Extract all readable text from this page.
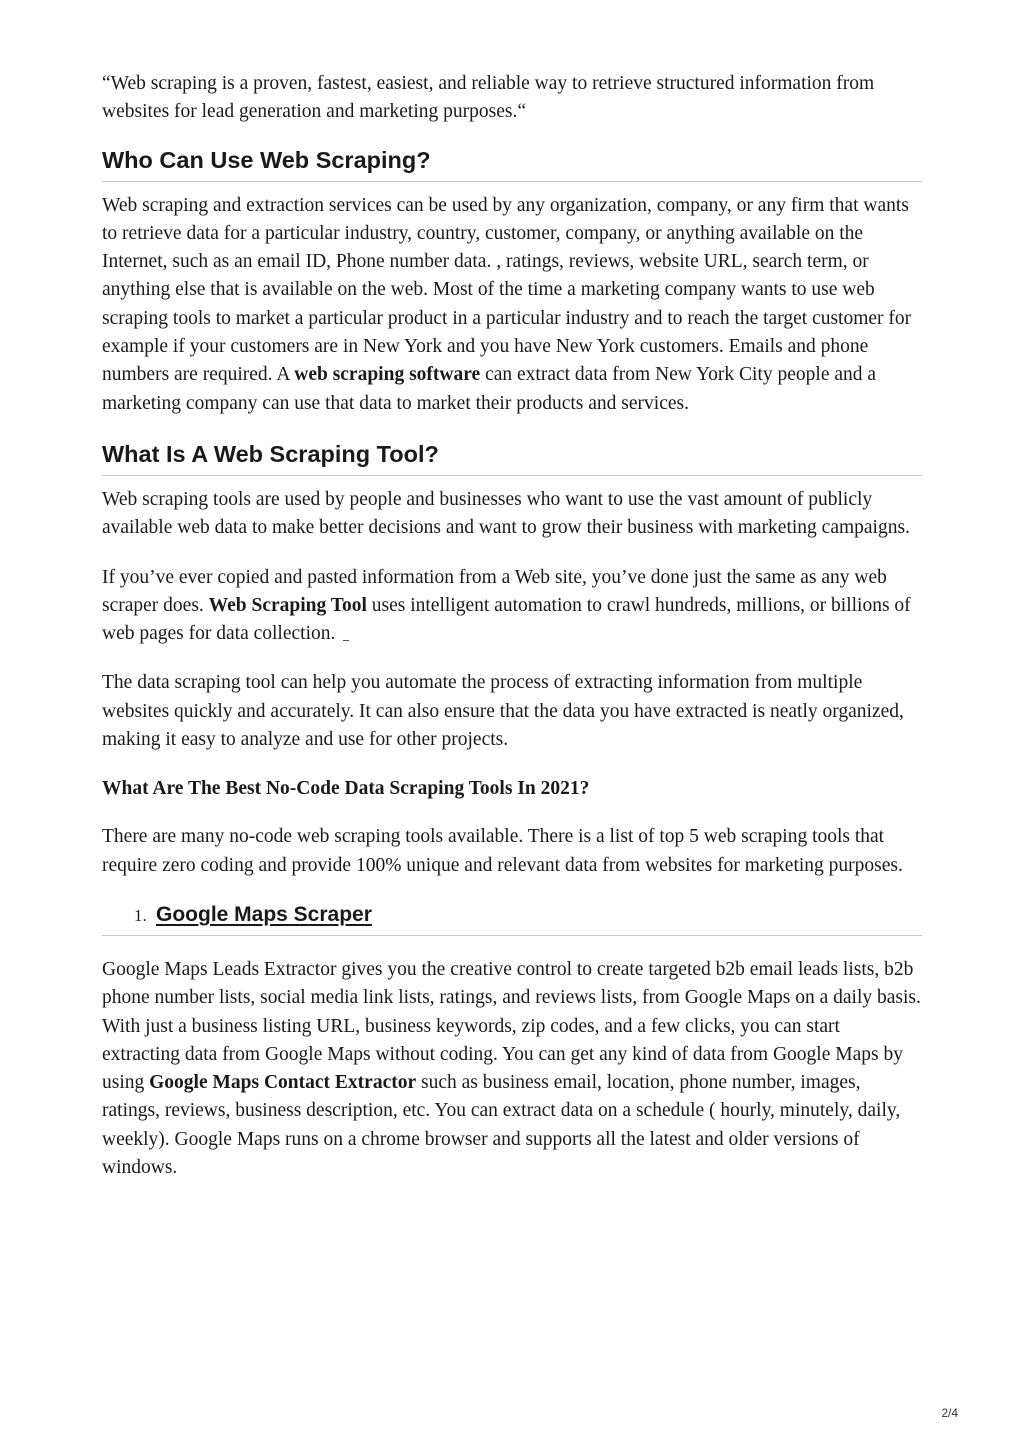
“Web scraping is a proven, fastest, easiest, and reliable way to retrieve structured information from websites for lead generation and marketing purposes.“

Who Can Use Web Scraping?

Web scraping and extraction services can be used by any organization, company, or any firm that wants to retrieve data for a particular industry, country, customer, company, or anything available on the Internet, such as an email ID, Phone number data. , ratings, reviews, website URL, search term, or anything else that is available on the web. Most of the time a marketing company wants to use web scraping tools to market a particular product in a particular industry and to reach the target customer for example if your customers are in New York and you have New York customers. Emails and phone numbers are required. A web scraping software can extract data from New York City people and a marketing company can use that data to market their products and services.

What Is A Web Scraping Tool?

Web scraping tools are used by people and businesses who want to use the vast amount of publicly available web data to make better decisions and want to grow their business with marketing campaigns.

If you’ve ever copied and pasted information from a Web site, you’ve done just the same as any web scraper does. Web Scraping Tool uses intelligent automation to crawl hundreds, millions, or billions of web pages for data collection.

The data scraping tool can help you automate the process of extracting information from multiple websites quickly and accurately. It can also ensure that the data you have extracted is neatly organized, making it easy to analyze and use for other projects.

What Are The Best No-Code Data Scraping Tools In 2021?

There are many no-code web scraping tools available. There is a list of top 5 web scraping tools that require zero coding and provide 100% unique and relevant data from websites for marketing purposes.

1. Google Maps Scraper

Google Maps Leads Extractor gives you the creative control to create targeted b2b email leads lists, b2b phone number lists, social media link lists, ratings, and reviews lists, from Google Maps on a daily basis. With just a business listing URL, business keywords, zip codes, and a few clicks, you can start extracting data from Google Maps without coding. You can get any kind of data from Google Maps by using Google Maps Contact Extractor such as business email, location, phone number, images, ratings, reviews, business description, etc. You can extract data on a schedule ( hourly, minutely, daily, weekly). Google Maps runs on a chrome browser and supports all the latest and older versions of windows.

2/4
